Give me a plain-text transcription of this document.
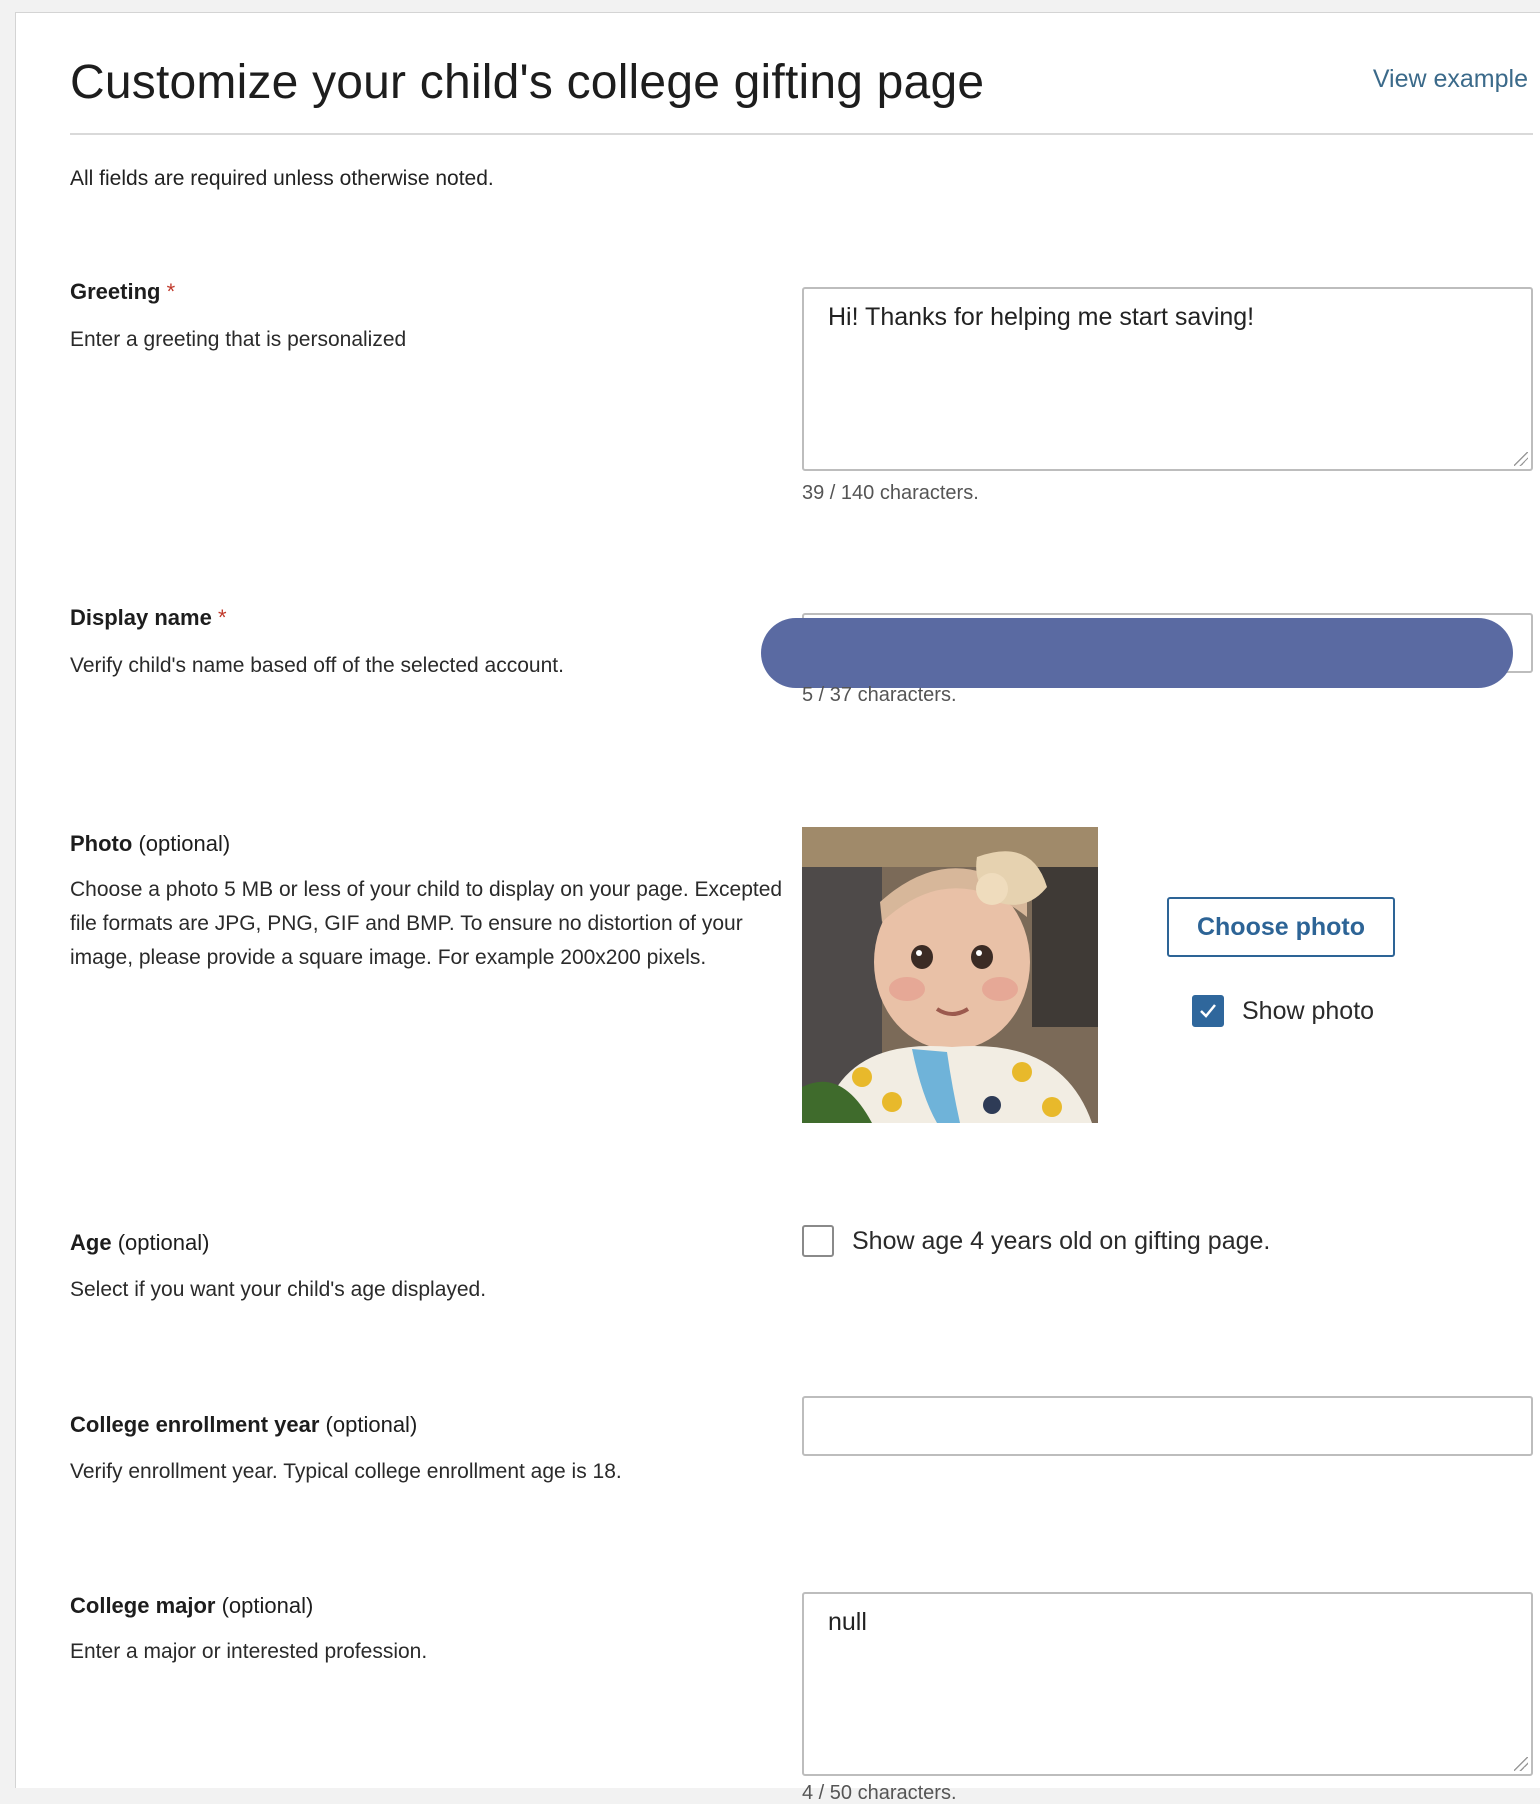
Customize your child's college gifting page	View example
All fields are required unless otherwise noted.
Greeting *
Enter a greeting that is personalized
Hi! Thanks for helping me start saving!
39 / 140 characters.
Display name *
Verify child's name based off of the selected account.
5 / 37 characters.
Photo (optional)
Choose a photo 5 MB or less of your child to display on your page. Excepted file formats are JPG, PNG, GIF and BMP. To ensure no distortion of your image, please provide a square image. For example 200x200 pixels.
Choose photo
Show photo
Age (optional)
Select if you want your child's age displayed.
Show age 4 years old on gifting page.
College enrollment year (optional)
Verify enrollment year. Typical college enrollment age is 18.
College major (optional)
Enter a major or interested profession.
null
4 / 50 characters.
